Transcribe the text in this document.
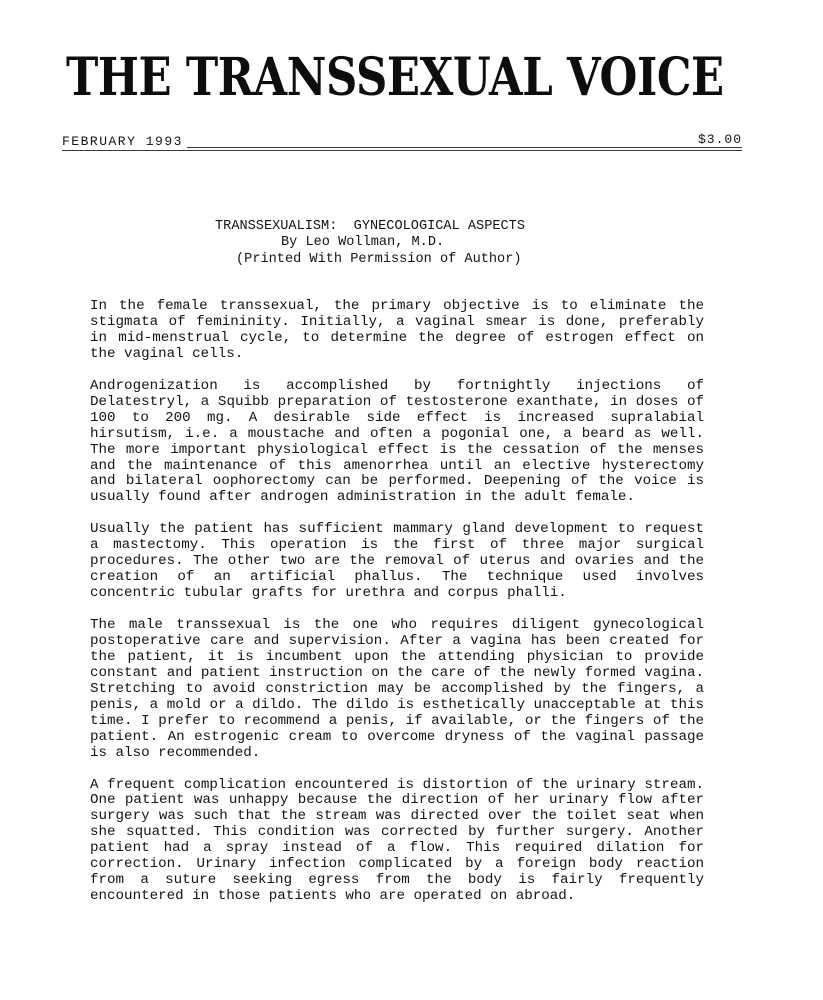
THE TRANSSEXUAL VOICE
FEBRUARY 1993	$3.00
TRANSSEXUALISM:  GYNECOLOGICAL ASPECTS
By Leo Wollman, M.D.
(Printed With Permission of Author)

In the female transsexual, the primary objective is to eliminate the stigmata of femininity. Initially, a vaginal smear is done, preferably in mid-menstrual cycle, to determine the degree of estrogen effect on the vaginal cells.

Androgenization is accomplished by fortnightly injections of Delatestryl, a Squibb preparation of testosterone exanthate, in doses of 100 to 200 mg. A desirable side effect is increased supralabial hirsutism, i.e. a moustache and often a pogonial one, a beard as well. The more important physiological effect is the cessation of the menses and the maintenance of this amenorrhea until an elective hysterectomy and bilateral oophorectomy can be performed. Deepening of the voice is usually found after androgen administration in the adult female.

Usually the patient has sufficient mammary gland development to request a mastectomy. This operation is the first of three major surgical procedures. The other two are the removal of uterus and ovaries and the creation of an artificial phallus. The technique used involves concentric tubular grafts for urethra and corpus phalli.

The male transsexual is the one who requires diligent gynecological postoperative care and supervision. After a vagina has been created for the patient, it is incumbent upon the attending physician to provide constant and patient instruction on the care of the newly formed vagina. Stretching to avoid constriction may be accomplished by the fingers, a penis, a mold or a dildo. The dildo is esthetically unacceptable at this time. I prefer to recommend a penis, if available, or the fingers of the patient. An estrogenic cream to overcome dryness of the vaginal passage is also recommended.

A frequent complication encountered is distortion of the urinary stream. One patient was unhappy because the direction of her urinary flow after surgery was such that the stream was directed over the toilet seat when she squatted. This condition was corrected by further surgery. Another patient had a spray instead of a flow. This required dilation for correction. Urinary infection complicated by a foreign body reaction from a suture seeking egress from the body is fairly frequently encountered in those patients who are operated on abroad.
